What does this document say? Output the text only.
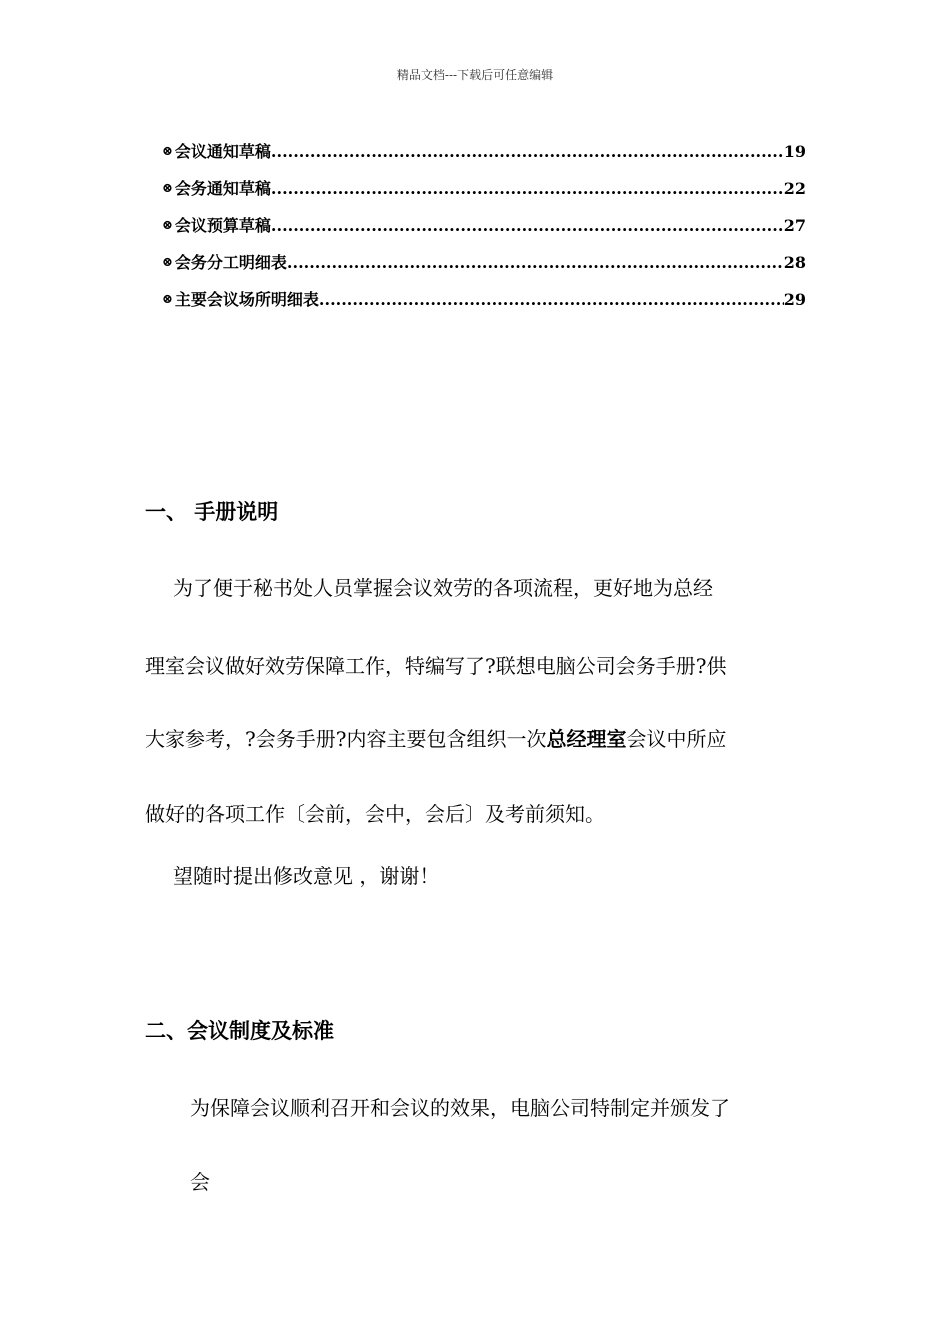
精品文档---下载后可任意编辑
⊗ 会议通知草稿 .....	19
⊗ 会务通知草稿 .....	22
⊗ 会议预算草稿 .....	27
⊗ 会务分工明细表 .....	28
⊗ 主要会议场所明细表 .....	29
一、 手册说明
为了便于秘书处人员掌握会议效劳的各项流程，更好地为总经
理室会议做好效劳保障工作，特编写了?联想电脑公司会务手册?供
大家参考，?会务手册?内容主要包含组织一次总经理室会议中所应
做好的各项工作〔会前，会中，会后〕及考前须知。
望随时提出修改意见 ，谢谢！
二、会议制度及标准
为保障会议顺利召开和会议的效果，电脑公司特制定并颁发了
会
